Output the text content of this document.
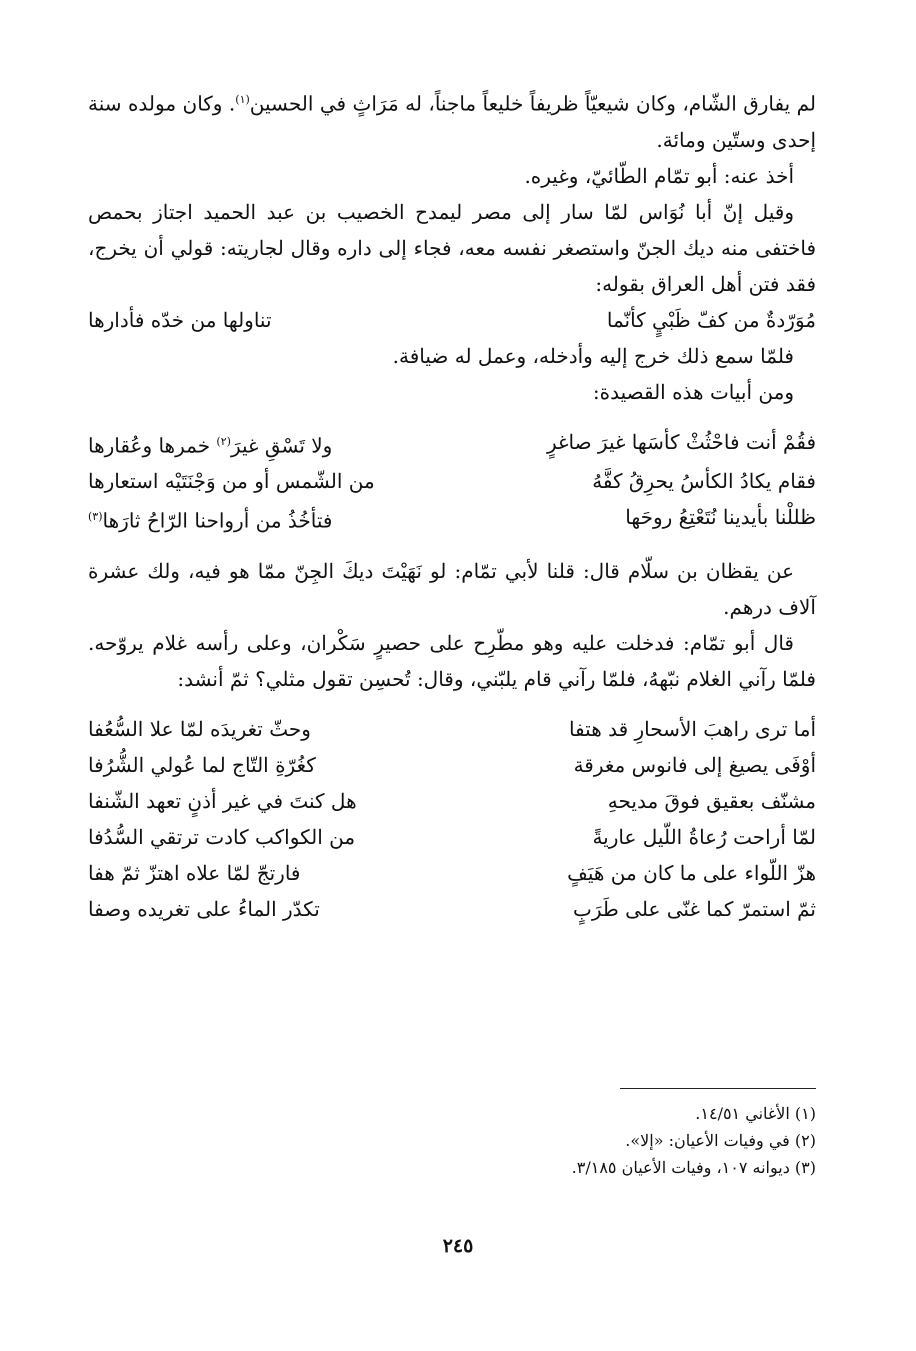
لم يفارق الشّام، وكان شيعيّاً ظريفاً خليعاً ماجناً، له مَرَاثٍ في الحسين$^{(١)}$. وكان مولده سنة إحدى وستّين ومائة.

أخذ عنه: أبو تمّام الطّائيّ، وغيره.

وقيل إنّ أبا نُوَاس لمّا سار إلى مصر ليمدح الخصيب بن عبد الحميد اجتاز بحمص فاختفى منه ديك الجنّ واستصغر نفسه معه، فجاء إلى داره وقال لجاريته: قولي أن يخرج، فقد فتن أهل العراق بقوله:

مُوَرّدةٌ من كفّ ظَبْيٍ كأنّما
تناولها من خدّه فأدارها

فلمّا سمع ذلك خرج إليه وأدخله، وعمل له ضيافة.

ومن أبيات هذه القصيدة:

فقُمْ أنت فاحْثُثْ كأسَها غيرَ صاغرٍ
ولا تَسْقِ غيرَ$^{(٢)}$ خمرها وعُقارها
فقام يكادُ الكأسُ يحرِقُ كفَّهُ
من الشّمس أو من وَجْنَتَيْه استعارها
ظللْنا بأيدينا نُتَعْتِعُ روحَها
فتأخُذُ من أرواحنا الرّاحُ ثارَها$^{(٣)}$

عن يقظان بن سلّام قال: قلنا لأبي تمّام: لو نَهَيْتَ ديكَ الجِنّ ممّا هو فيه، ولك عشرة آلاف درهم.

قال أبو تمّام: فدخلت عليه وهو مطّرِح على حصيرٍ سَكْران، وعلى رأسه غلام يروّحه. فلمّا رآني الغلام نبّههُ، فلمّا رآني قام يلبّني، وقال: تُحسِن تقول مثلي؟ ثمّ أنشد:

أما ترى راهبَ الأسحارِ قد هتفا
وحثّ تغريدَه لمّا علا السُّعُفا
أوْفَى يصيغ إلى فانوس مغرقة
كغُرّةِ التّاج لما عُولي الشُّرُفا
مشنّف بعقيق فوقَ مديحهِ
هل كنتَ في غير أذنٍ تعهد الشّنفا
لمّا أراحت رُعاةُ اللّيل عاريةً
من الكواكب كادت ترتقي السُّدُفا
هزّ اللّواء على ما كان من هَيَفٍ
فارتجّ لمّا علاه اهتزّ ثمّ هفا
ثمّ استمرّ كما غنّى على طَرَبٍ
تكدّر الماءُ على تغريده وصفا

(١) الأغاني ١٤/٥١.

(٢) في وفيات الأعيان: «إلا».

(٣) ديوانه ١٠٧، وفيات الأعيان ٣/١٨٥.

٢٤٥
